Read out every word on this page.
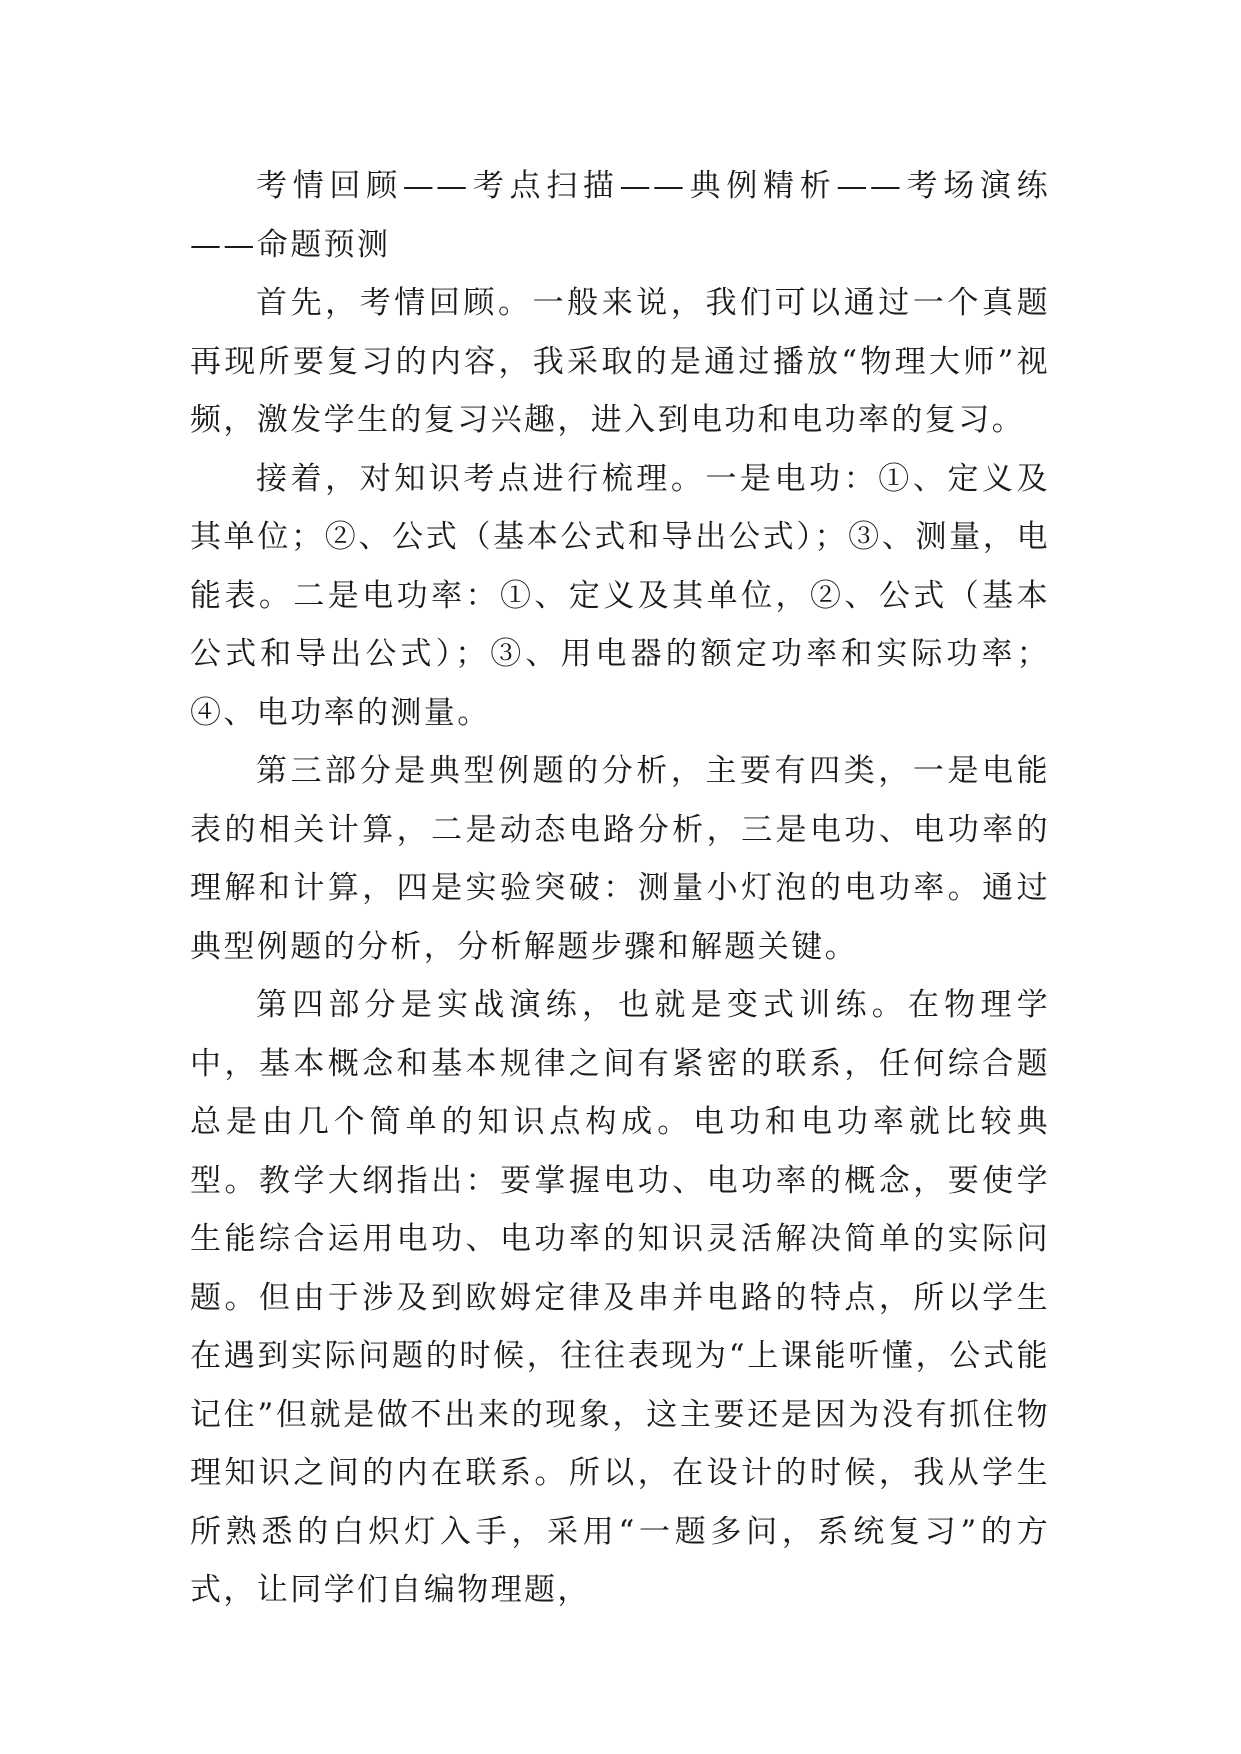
考情回顾——考点扫描——典例精析——考场演练——命题预测

首先，考情回顾。一般来说，我们可以通过一个真题再现所要复习的内容，我采取的是通过播放“物理大师”视频，激发学生的复习兴趣，进入到电功和电功率的复习。

接着，对知识考点进行梳理。一是电功：①、定义及其单位；②、公式（基本公式和导出公式）；③、测量，电能表。二是电功率：①、定义及其单位，②、公式（基本公式和导出公式）；③、用电器的额定功率和实际功率；④、电功率的测量。

第三部分是典型例题的分析，主要有四类，一是电能表的相关计算，二是动态电路分析，三是电功、电功率的理解和计算，四是实验突破：测量小灯泡的电功率。通过典型例题的分析，分析解题步骤和解题关键。

第四部分是实战演练，也就是变式训练。在物理学中，基本概念和基本规律之间有紧密的联系，任何综合题总是由几个简单的知识点构成。电功和电功率就比较典型。教学大纲指出：要掌握电功、电功率的概念，要使学生能综合运用电功、电功率的知识灵活解决简单的实际问题。但由于涉及到欧姆定律及串并电路的特点，所以学生在遇到实际问题的时候，往往表现为“上课能听懂，公式能记住”但就是做不出来的现象，这主要还是因为没有抓住物理知识之间的内在联系。所以，在设计的时候，我从学生所熟悉的白炽灯入手，采用“一题多问，系统复习”的方式，让同学们自编物理题，
